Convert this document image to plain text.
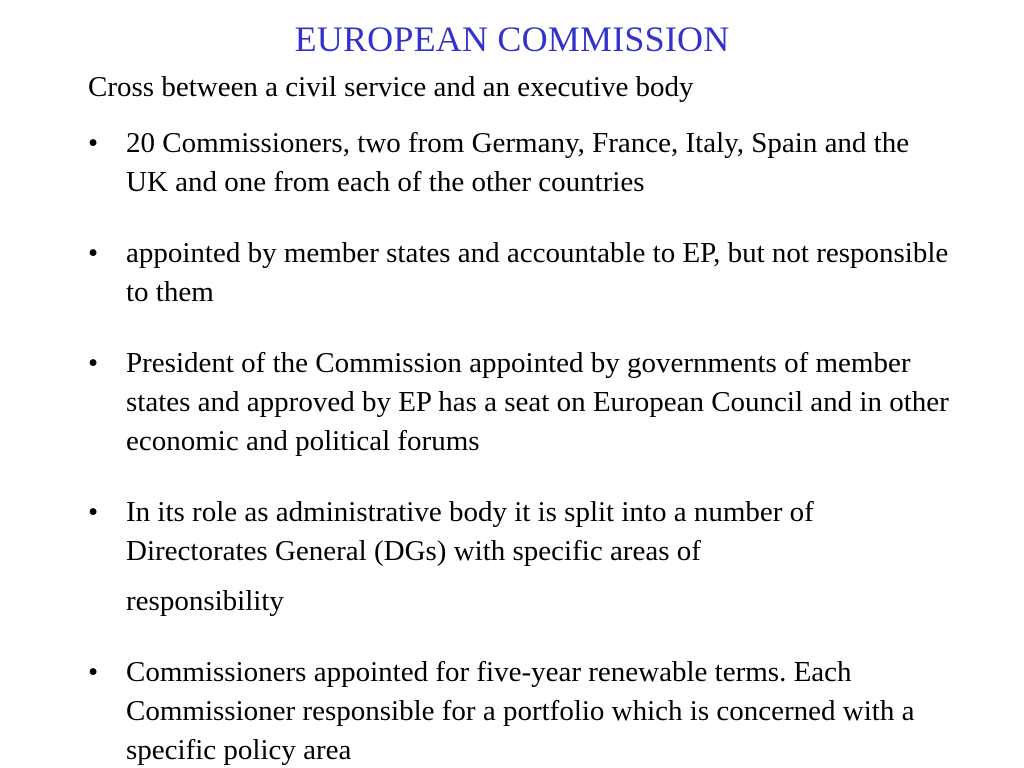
EUROPEAN COMMISSION
Cross between a civil service and an executive body
• 20 Commissioners, two from Germany, France, Italy, Spain and the UK and one from each of the other countries
• appointed by member states and accountable to EP, but not responsible to them
• President of the Commission appointed by governments of member states and approved by EP has a seat on European Council and in other economic and political forums
• In its role as administrative body it is split into a number of Directorates General (DGs) with specific areas of
responsibility
• Commissioners appointed for five-year renewable terms. Each Commissioner responsible for a portfolio which is concerned with a specific policy area
